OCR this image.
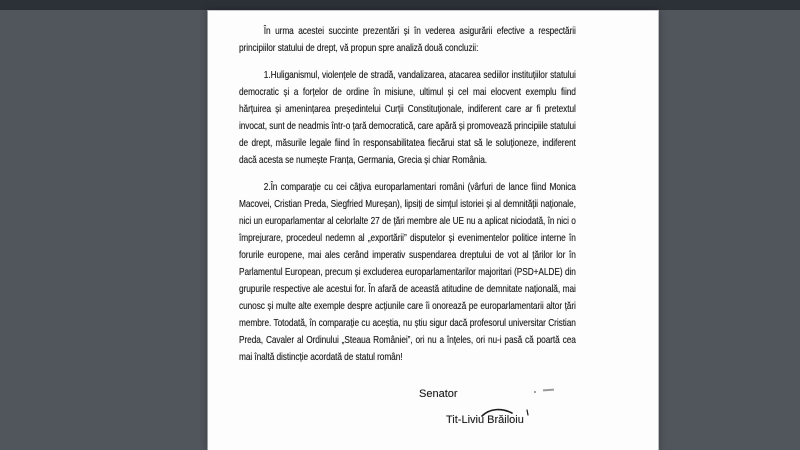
În urma acestei succinte prezentări și în vederea asigurării efective a respectării principiilor statului de drept, vă propun spre analiză două concluzii:

1.Huliganismul, violențele de stradă, vandalizarea, atacarea sediilor instituțiilor statului democratic și a forțelor de ordine în misiune, ultimul și cel mai elocvent exemplu fiind hărțuirea și amenințarea președintelui Curții Constituționale, indiferent care ar fi pretextul invocat, sunt de neadmis într-o țară democratică, care apără și promovează principiile statului de drept, măsurile legale fiind în responsabilitatea fiecărui stat să le soluționeze, indiferent dacă acesta se numește Franța, Germania, Grecia și chiar România.

2.În comparație cu cei câțiva europarlamentari români (vârfuri de lance fiind Monica Macovei, Cristian Preda, Siegfried Mureșan), lipsiți de simțul istoriei și al demnității naționale, nici un europarlamentar al celorlalte 27 de țări membre ale UE nu a aplicat niciodată, în nici o împrejurare, procedeul nedemn al „exportării” disputelor și evenimentelor politice interne în forurile europene, mai ales cerând imperativ suspendarea dreptului de vot al țărilor lor în Parlamentul European, precum și excluderea europarlamentarilor majoritari (PSD+ALDE) din grupurile respective ale acestui for. În afară de această atitudine de demnitate națională, mai cunosc și multe alte exemple despre acțiunile care îi onorează pe europarlamentarii altor țări membre. Totodată, în comparație cu aceștia, nu știu sigur dacă profesorul universitar Cristian Preda, Cavaler al Ordinului „Steaua României”, ori nu a înțeles, ori nu-i pasă că poartă cea mai înaltă distincție acordată de statul român!

Senator
Tit-Liviu Brăiloiu
